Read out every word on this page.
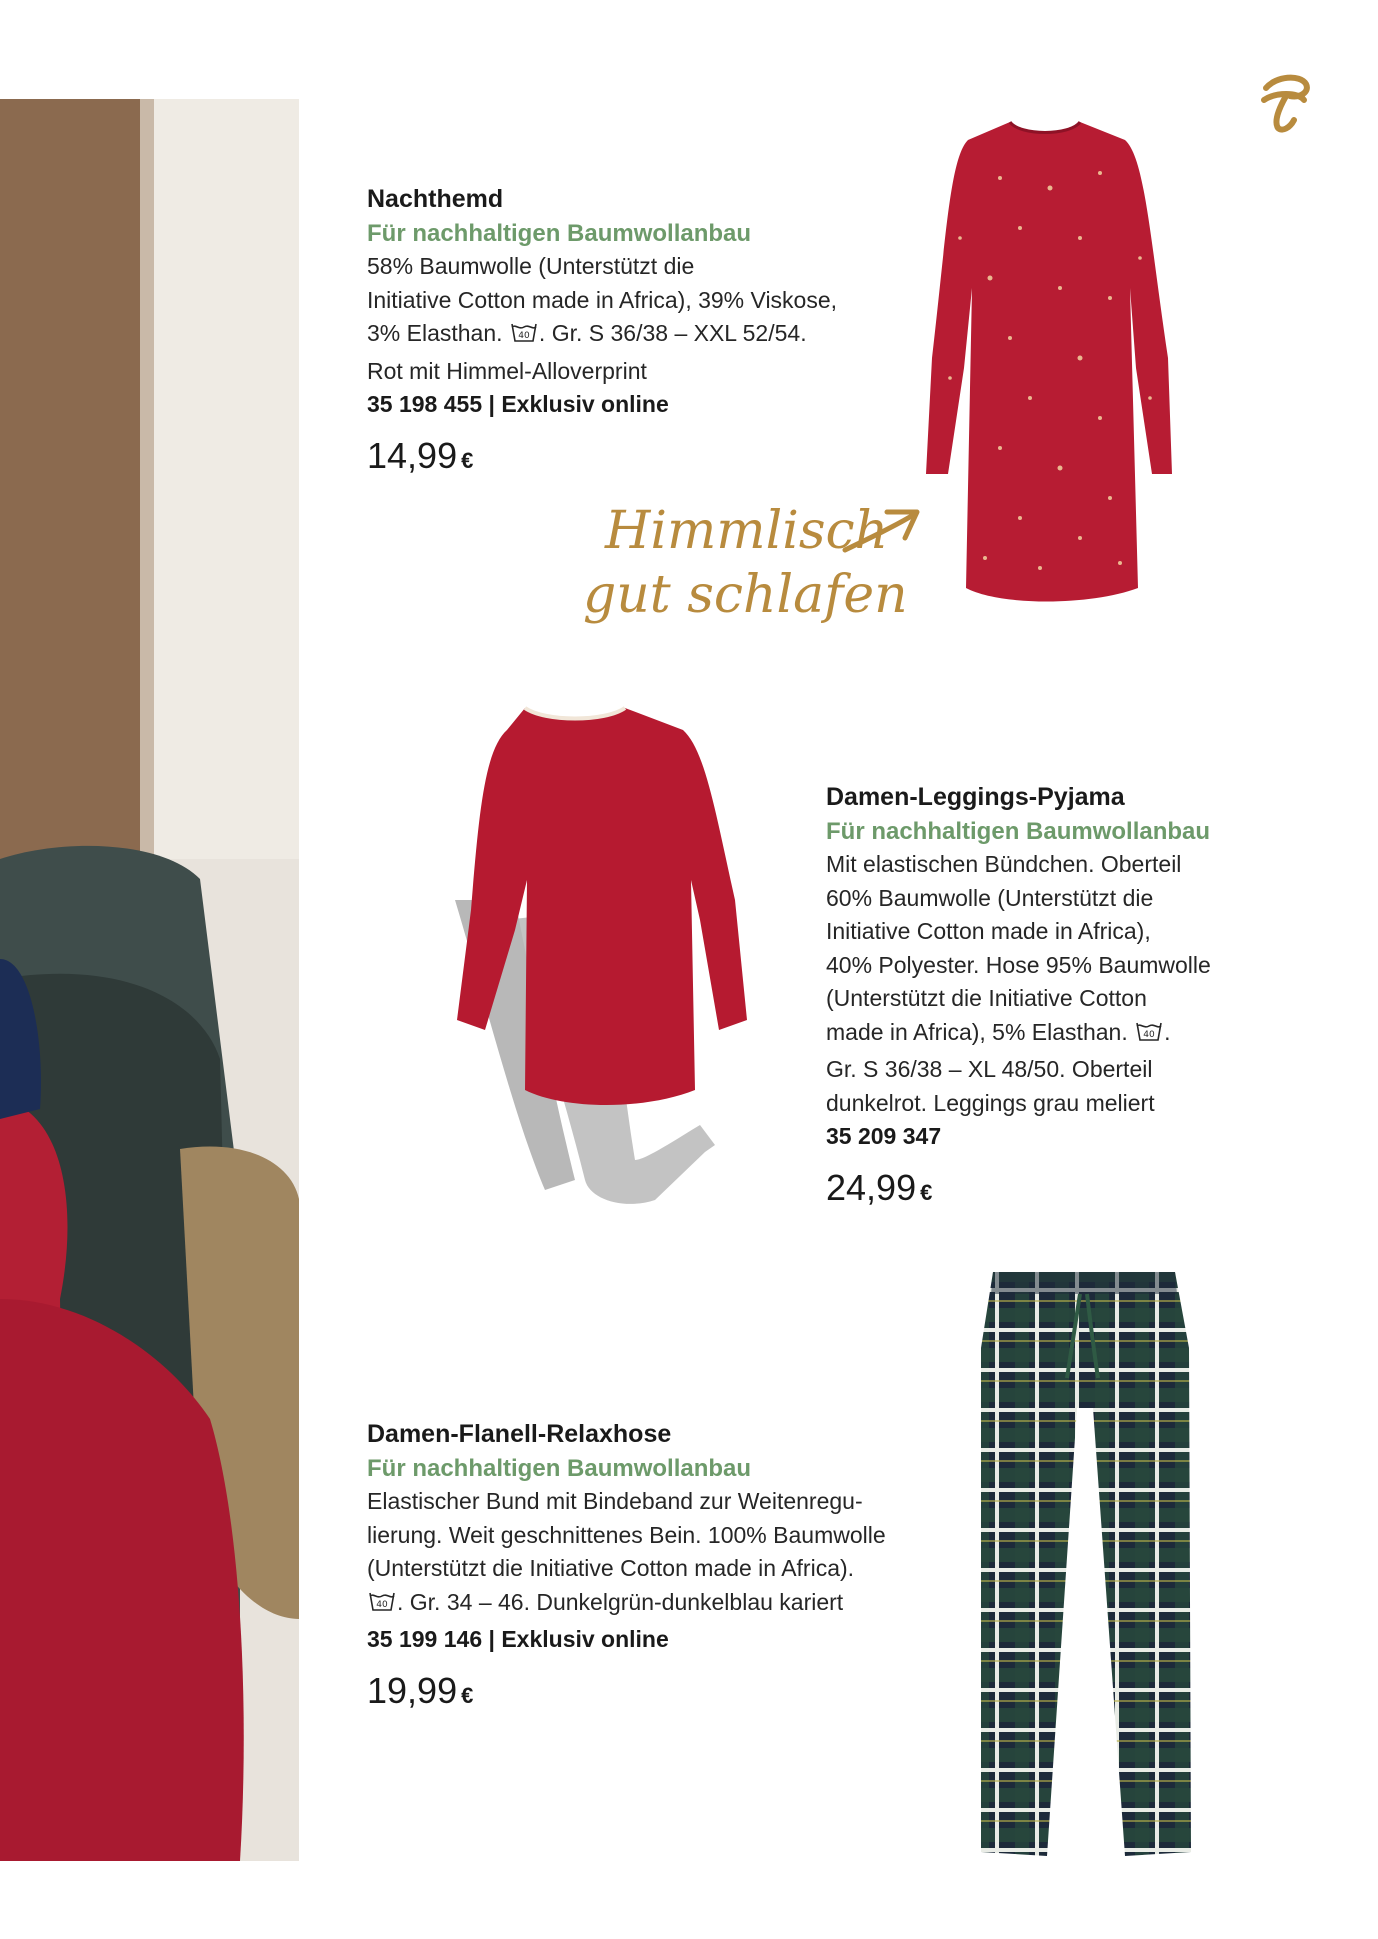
Nachthemd
Für nachhaltigen Baumwollanbau
58% Baumwolle (Unterstützt die
Initiative Cotton made in Africa), 39% Viskose,
3% Elasthan. 40 . Gr. S 36/38 – XXL 52/54.
Rot mit Himmel-Alloverprint
35 198 455 | Exklusiv online
14,99 €
Himmlisch
gut schlafen
Damen-Leggings-Pyjama
Für nachhaltigen Baumwollanbau
Mit elastischen Bündchen. Oberteil
60% Baumwolle (Unterstützt die
Initiative Cotton made in Africa),
40% Polyester. Hose 95% Baumwolle
(Unterstützt die Initiative Cotton
made in Africa), 5% Elasthan. 40 .
Gr. S 36/38 – XL 48/50. Oberteil
dunkelrot. Leggings grau meliert
35 209 347
24,99 €
Damen-Flanell-Relaxhose
Für nachhaltigen Baumwollanbau
Elastischer Bund mit Bindeband zur Weitenregu-
lierung. Weit geschnittenes Bein. 100% Baumwolle
(Unterstützt die Initiative Cotton made in Africa).
40 . Gr. 34 – 46. Dunkelgrün-dunkelblau kariert
35 199 146 | Exklusiv online
19,99 €
